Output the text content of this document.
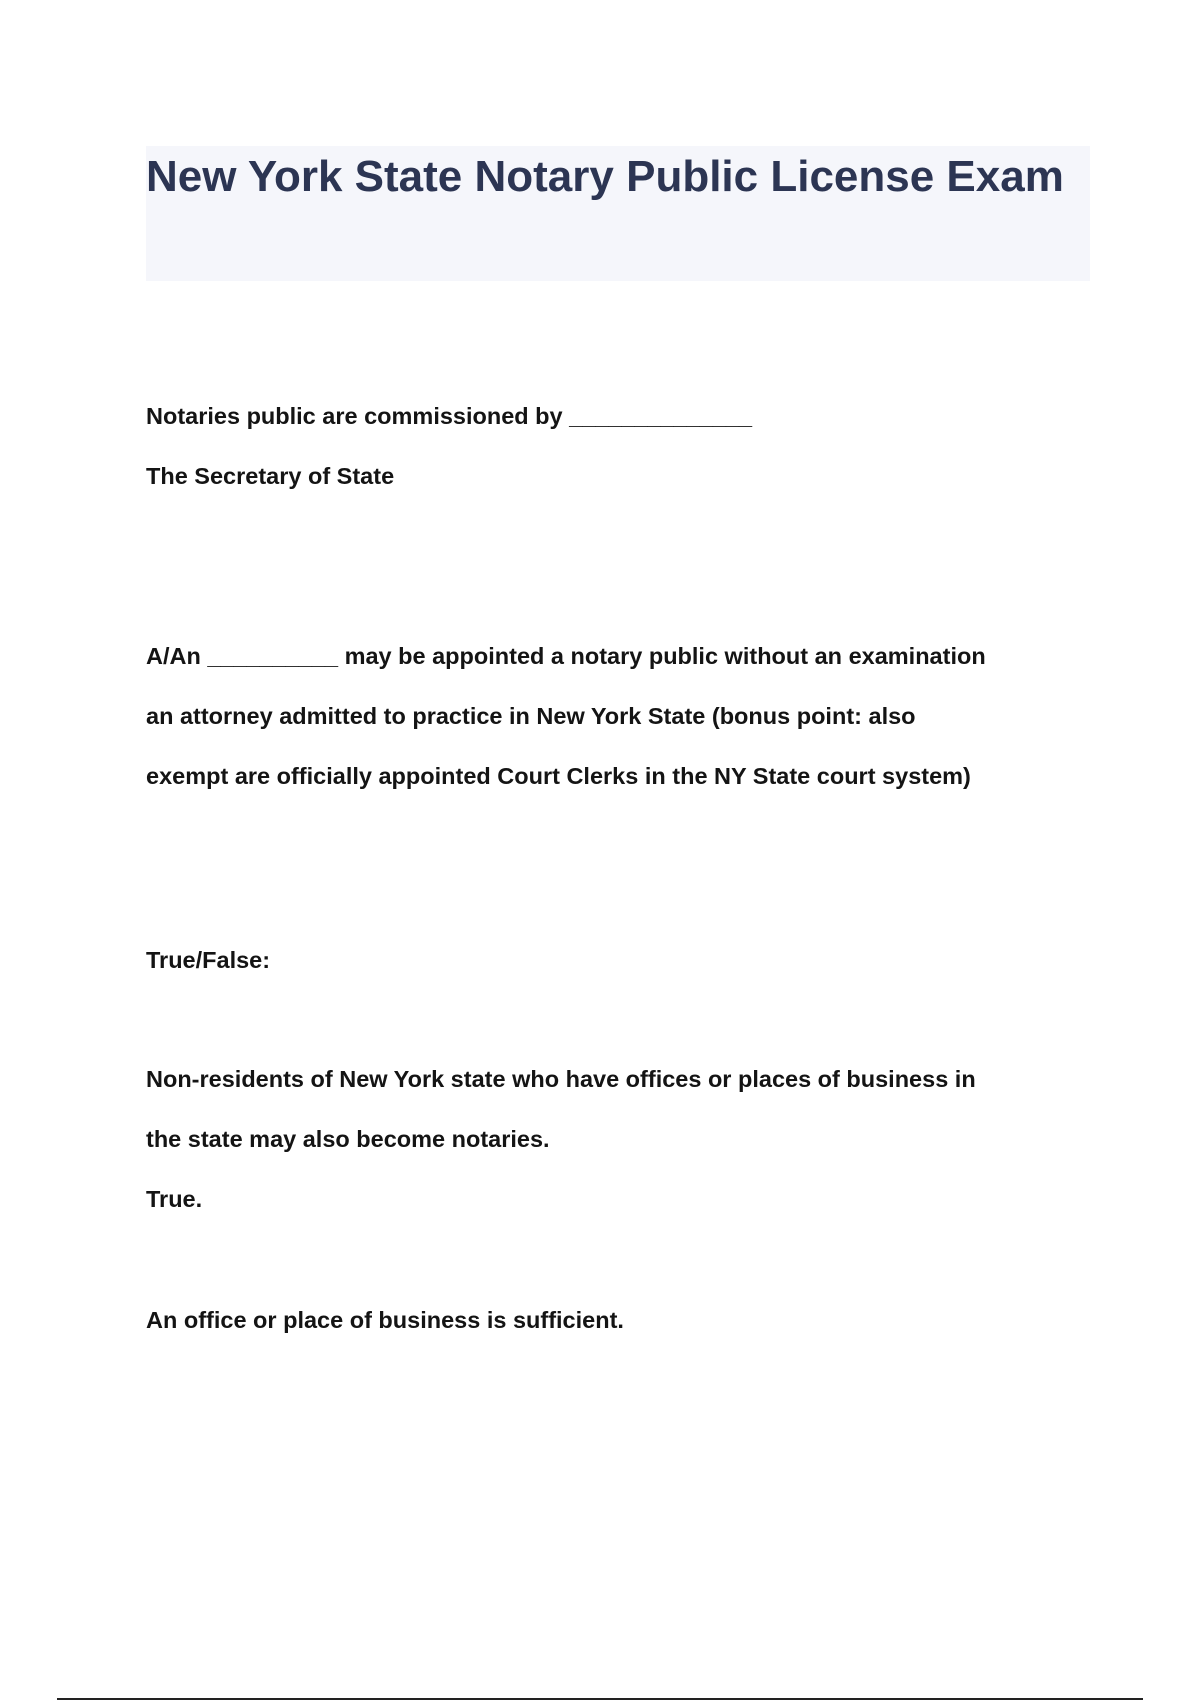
New York State Notary Public License Exam

Notaries public are commissioned by ______________

The Secretary of State

A/An __________ may be appointed a notary public without an examination

an attorney admitted to practice in New York State (bonus point: also

exempt are officially appointed Court Clerks in the NY State court system)

True/False:

Non-residents of New York state who have offices or places of business in

the state may also become notaries.

True.

An office or place of business is sufficient.
